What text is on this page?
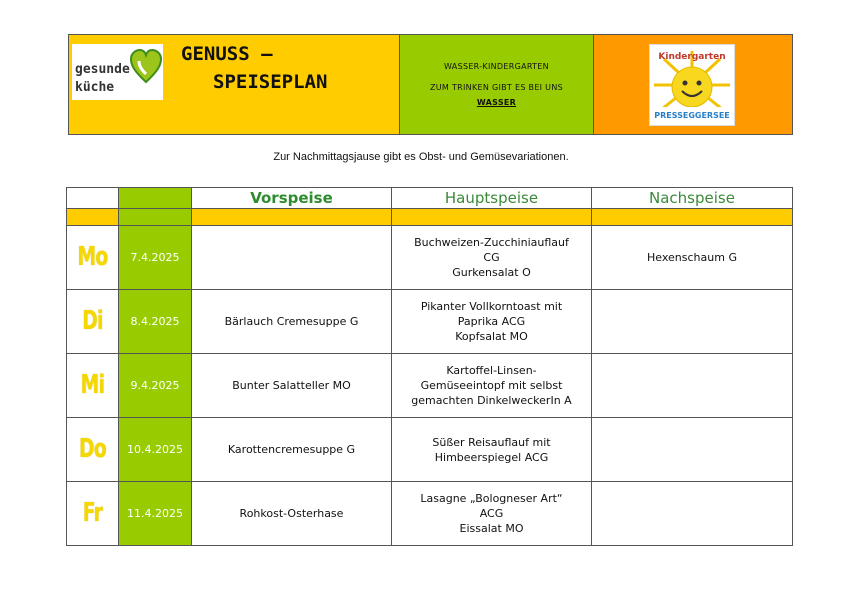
gesunde
küche
GENUSS –
SPEISEPLAN
WASSER-KINDERGARTEN
ZUM TRINKEN GIBT ES BEI UNS
WASSER
Kindergarten
PRESSEGGERSEE
Zur Nachmittagsjause gibt es Obst- und Gemüsevariationen.
		Vorspeise	Hauptspeise	Nachspeise

Mo	7.4.2025		Buchweizen-Zucchiniauflauf
CG
Gurkensalat O	Hexenschaum G

Di	8.4.2025	Bärlauch Cremesuppe G	Pikanter Vollkorntoast mit
Paprika ACG
Kopfsalat MO	

Mi	9.4.2025	Bunter Salatteller MO	Kartoffel-Linsen-
Gemüseeintopf mit selbst
gemachten DinkelweckerIn A	

Do	10.4.2025	Karottencremesuppe G	Süßer Reisauflauf mit
Himbeerspiegel ACG	

Fr	11.4.2025	Rohkost-Osterhase	Lasagne „Bologneser Art“
ACG
Eissalat MO	
